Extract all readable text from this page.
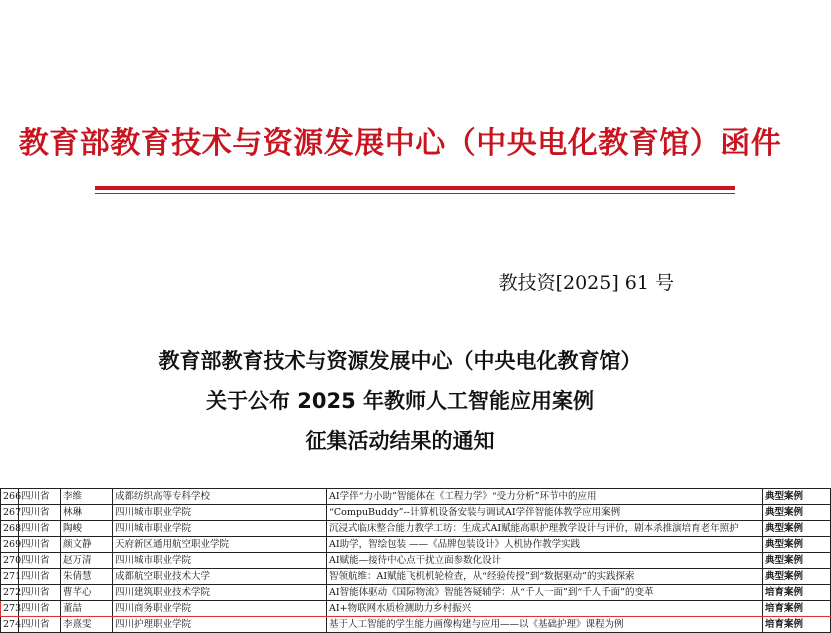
教育部教育技术与资源发展中心（中央电化教育馆）函件
教技资[2025] 61 号
教育部教育技术与资源发展中心（中央电化教育馆）
关于公布 2025 年教师人工智能应用案例
征集活动结果的通知
266	四川省	李维	成都纺织高等专科学校	AI学伴“力小助”智能体在《工程力学》“受力分析”环节中的应用	典型案例
267	四川省	林琳	四川城市职业学院	“CompuBuddy”--计算机设备安装与调试AI学伴智能体教学应用案例	典型案例
268	四川省	陶峻	四川城市职业学院	沉浸式临床整合能力教学工坊：生成式AI赋能高职护理教学设计与评价，剧本杀推演培育老年照护	典型案例
269	四川省	颜文静	天府新区通用航空职业学院	AI助学，智绘包装 ——《品牌包装设计》人机协作教学实践	典型案例
270	四川省	赵万清	四川城市职业学院	AI赋能—接待中心点干扰立面参数化设计	典型案例
271	四川省	朱倩慧	成都航空职业技术大学	智领航维：AI赋能飞机机轮检查，从“经验传授”到“数据驱动”的实践探索	典型案例
272	四川省	曹芊心	四川建筑职业技术学院	AI智能体驱动《国际物流》智能答疑辅学：从“千人一面”到“千人千面”的变革	培育案例
273	四川省	董喆	四川商务职业学院	AI+物联网水质检测助力乡村振兴	培育案例
274	四川省	李熹雯	四川护理职业学院	基于人工智能的学生能力画像构建与应用——以《基础护理》课程为例	培育案例
